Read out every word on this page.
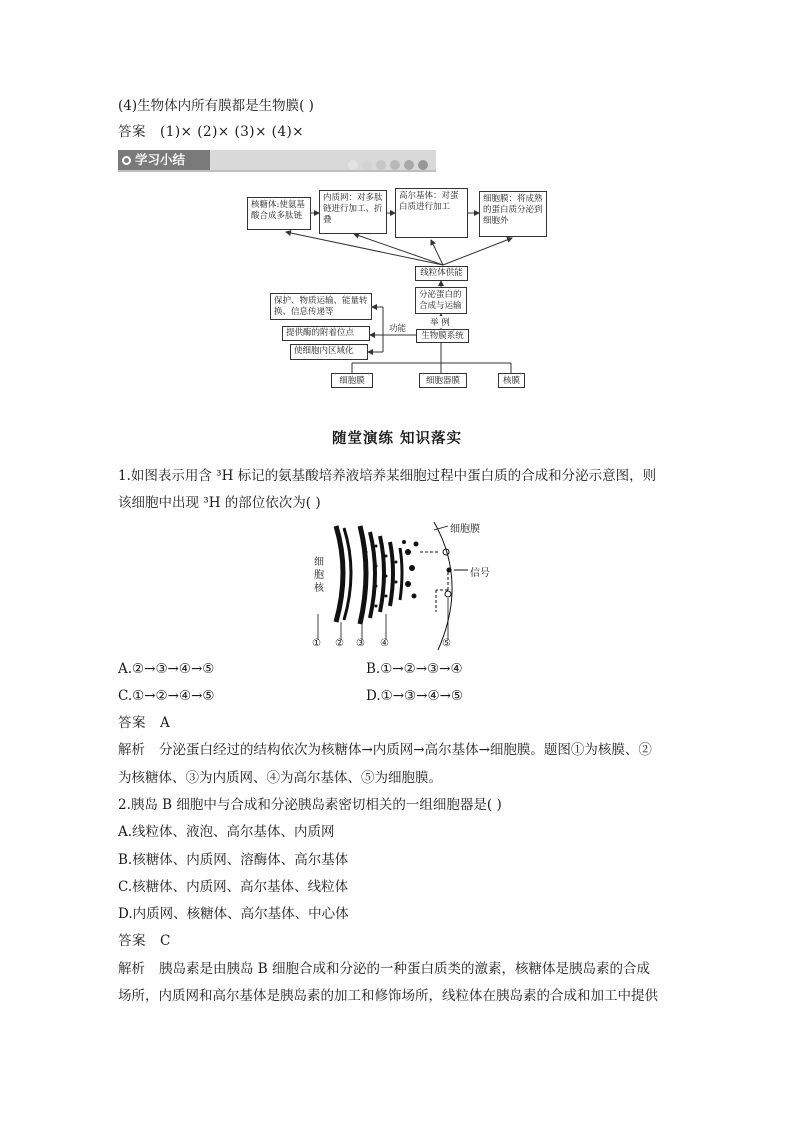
(4)生物体内所有膜都是生物膜( )
答案 (1)× (2)× (3)× (4)×
学习小结
核糖体:使氨基酸合成多肽链
内质网：对多肽链进行加工、折叠
高尔基体：对蛋白质进行加工
细胞膜：将成熟的蛋白质分泌到细胞外
线粒体供能
分泌蛋白的合成与运输
举 例
保护、物质运输、能量转换、信息传递等
提供酶的附着位点
使细胞内区域化
功能
生物膜系统
细胞膜	细胞器膜	核膜
随堂演练 知识落实
1.如图表示用含 ³H 标记的氨基酸培养液培养某细胞过程中蛋白质的合成和分泌示意图，则
该细胞中出现 ³H 的部位依次为( )
细胞核
细胞膜
信号
① ② ③ ④	⑤
A.②→③→④→⑤	B.①→②→③→④
C.①→②→④→⑤	D.①→③→④→⑤
答案 A
解析 分泌蛋白经过的结构依次为核糖体→内质网→高尔基体→细胞膜。题图①为核膜、②
为核糖体、③为内质网、④为高尔基体、⑤为细胞膜。
2.胰岛 B 细胞中与合成和分泌胰岛素密切相关的一组细胞器是( )
A.线粒体、液泡、高尔基体、内质网
B.核糖体、内质网、溶酶体、高尔基体
C.核糖体、内质网、高尔基体、线粒体
D.内质网、核糖体、高尔基体、中心体
答案 C
解析 胰岛素是由胰岛 B 细胞合成和分泌的一种蛋白质类的激素，核糖体是胰岛素的合成
场所，内质网和高尔基体是胰岛素的加工和修饰场所，线粒体在胰岛素的合成和加工中提供
